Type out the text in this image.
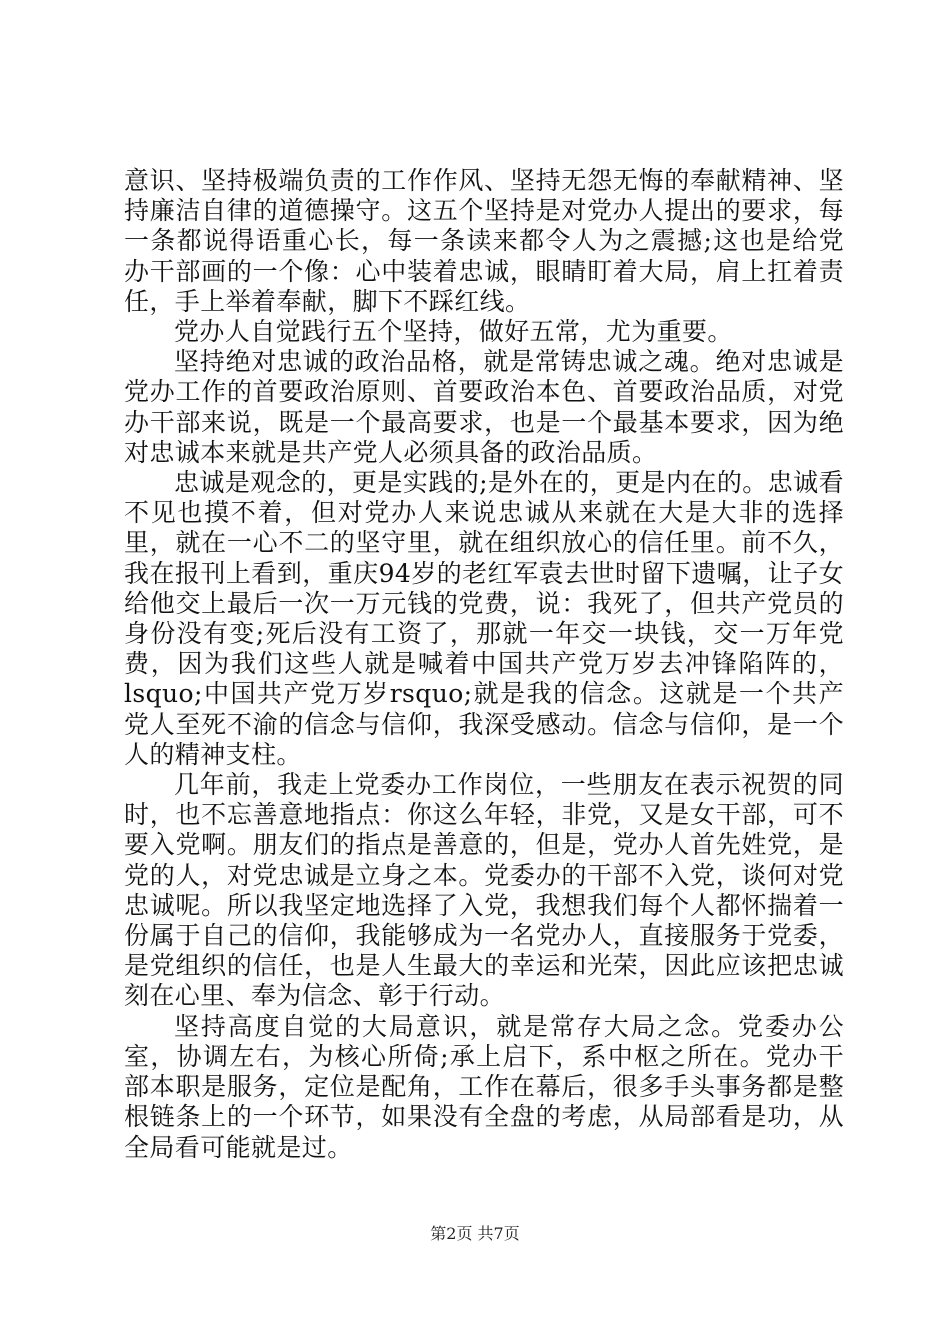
意识、坚持极端负责的工作作风、坚持无怨无悔的奉献精神、坚持廉洁自律的道德操守。这五个坚持是对党办人提出的要求，每一条都说得语重心长，每一条读来都令人为之震撼;这也是给党办干部画的一个像：心中装着忠诚，眼睛盯着大局，肩上扛着责任，手上举着奉献，脚下不踩红线。

党办人自觉践行五个坚持，做好五常，尤为重要。

坚持绝对忠诚的政治品格，就是常铸忠诚之魂。绝对忠诚是党办工作的首要政治原则、首要政治本色、首要政治品质，对党办干部来说，既是一个最高要求，也是一个最基本要求，因为绝对忠诚本来就是共产党人必须具备的政治品质。

忠诚是观念的，更是实践的;是外在的，更是内在的。忠诚看不见也摸不着，但对党办人来说忠诚从来就在大是大非的选择里，就在一心不二的坚守里，就在组织放心的信任里。前不久，我在报刊上看到，重庆94岁的老红军袁去世时留下遗嘱，让子女给他交上最后一次一万元钱的党费，说：我死了，但共产党员的身份没有变;死后没有工资了，那就一年交一块钱，交一万年党费，因为我们这些人就是喊着中国共产党万岁去冲锋陷阵的，lsquo;中国共产党万岁rsquo;就是我的信念。这就是一个共产党人至死不渝的信念与信仰，我深受感动。信念与信仰，是一个人的精神支柱。

几年前，我走上党委办工作岗位，一些朋友在表示祝贺的同时，也不忘善意地指点：你这么年轻，非党，又是女干部，可不要入党啊。朋友们的指点是善意的，但是，党办人首先姓党，是党的人，对党忠诚是立身之本。党委办的干部不入党，谈何对党忠诚呢。所以我坚定地选择了入党，我想我们每个人都怀揣着一份属于自己的信仰，我能够成为一名党办人，直接服务于党委，是党组织的信任，也是人生最大的幸运和光荣，因此应该把忠诚刻在心里、奉为信念、彰于行动。

坚持高度自觉的大局意识，就是常存大局之念。党委办公室，协调左右，为核心所倚;承上启下，系中枢之所在。党办干部本职是服务，定位是配角，工作在幕后，很多手头事务都是整根链条上的一个环节，如果没有全盘的考虑，从局部看是功，从全局看可能就是过。

第2页 共7页
